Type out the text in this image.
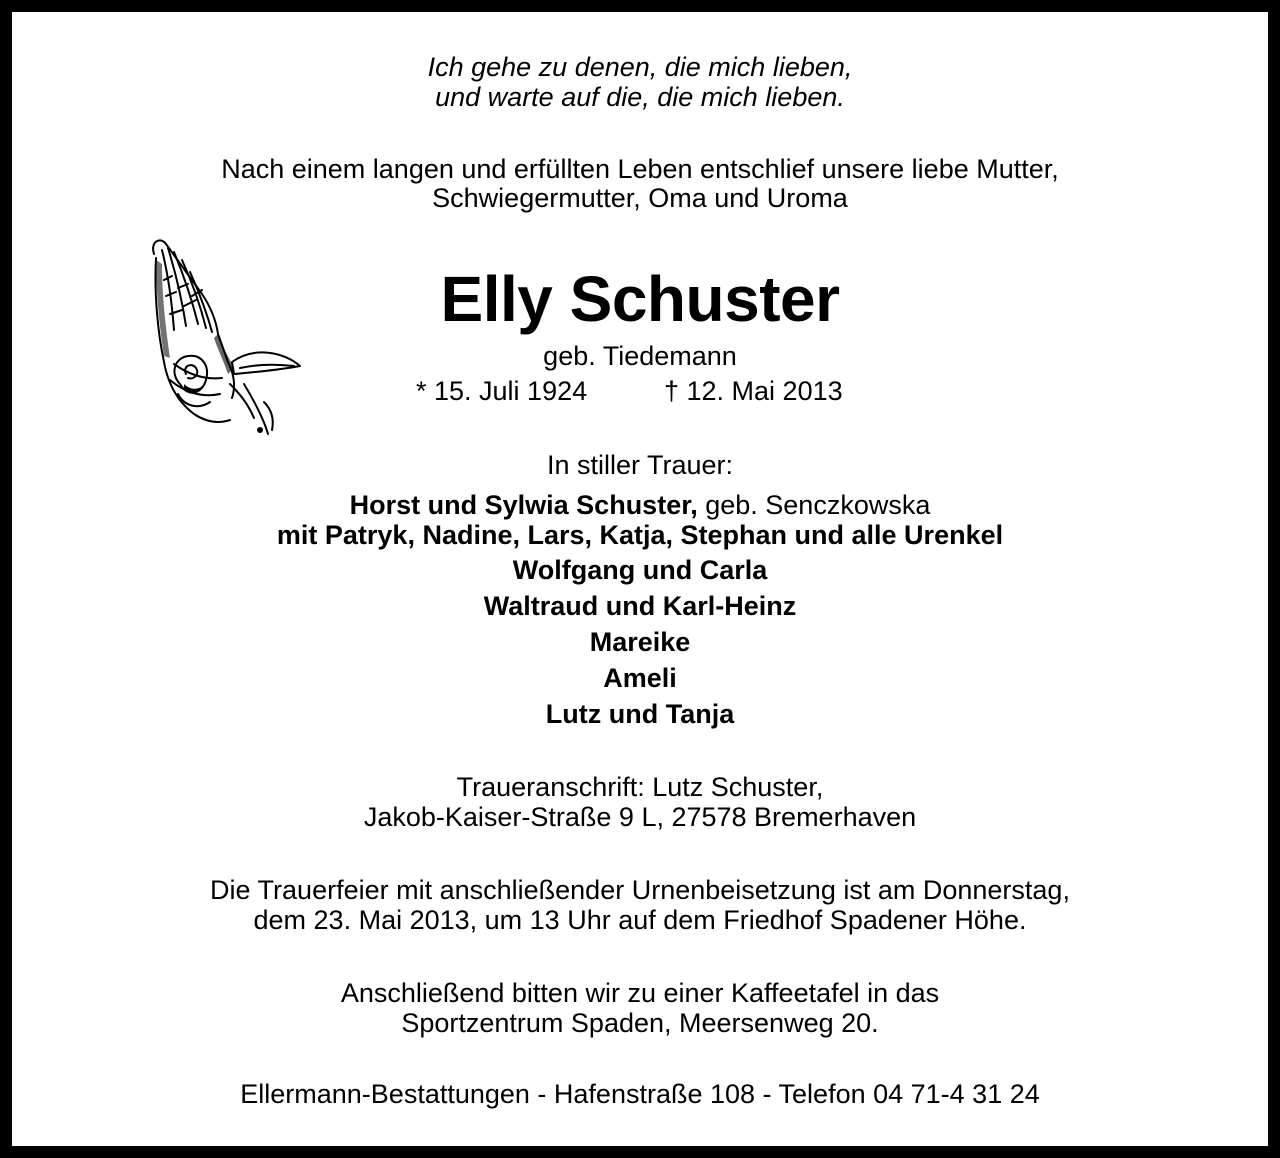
Ich gehe zu denen, die mich lieben,
und warte auf die, die mich lieben.
Nach einem langen und erfüllten Leben entschlief unsere liebe Mutter,
Schwiegermutter, Oma und Uroma
Elly Schuster
geb. Tiedemann
* 15. Juli 1924	† 12. Mai 2013
In stiller Trauer:
Horst und Sylwia Schuster, geb. Senczkowska
mit Patryk, Nadine, Lars, Katja, Stephan und alle Urenkel
Wolfgang und Carla
Waltraud und Karl-Heinz
Mareike
Ameli
Lutz und Tanja
Traueranschrift: Lutz Schuster,
Jakob-Kaiser-Straße 9 L, 27578 Bremerhaven
Die Trauerfeier mit anschließender Urnenbeisetzung ist am Donnerstag,
dem 23. Mai 2013, um 13 Uhr auf dem Friedhof Spadener Höhe.
Anschließend bitten wir zu einer Kaffeetafel in das
Sportzentrum Spaden, Meersenweg 20.
Ellermann-Bestattungen - Hafenstraße 108 - Telefon 04 71-4 31 24
